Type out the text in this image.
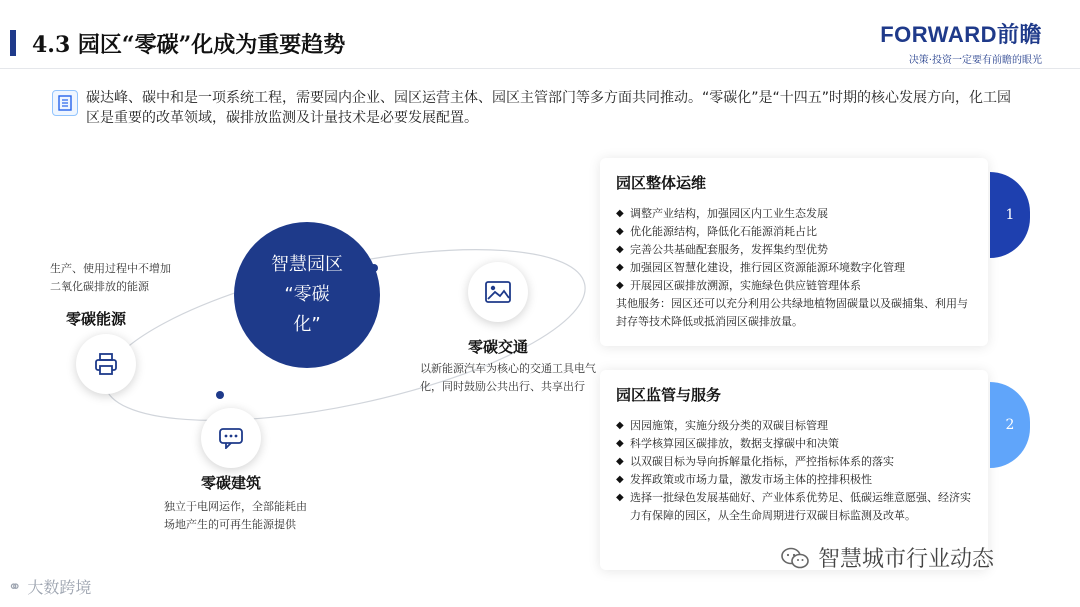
4.3 园区“零碳”化成为重要趋势	FORWARD前瞻
决策·投资一定要有前瞻的眼光
碳达峰、碳中和是一项系统工程，需要园内企业、园区运营主体、园区主管部门等多方面共同推动。“零碳化”是“十四五”时期的核心发展方向，化工园区是重要的改革领域，碳排放监测及计量技术是必要发展配置。
智慧园区
“零碳
化”
生产、使用过程中不增加二氧化碳排放的能源
零碳能源
零碳交通
以新能源汽车为核心的交通工具电气化，同时鼓励公共出行、共享出行
零碳建筑
独立于电网运作，全部能耗由场地产生的可再生能源提供
园区整体运维
◆ 调整产业结构，加强园区内工业生态发展
◆ 优化能源结构，降低化石能源消耗占比
◆ 完善公共基础配套服务，发挥集约型优势
◆ 加强园区智慧化建设，推行园区资源能源环境数字化管理
◆ 开展园区碳排放溯源，实施绿色供应链管理体系
其他服务：园区还可以充分利用公共绿地植物固碳量以及碳捕集、利用与封存等技术降低或抵消园区碳排放量。
1
园区监管与服务
◆ 因园施策，实施分级分类的双碳目标管理
◆ 科学核算园区碳排放，数据支撑碳中和决策
◆ 以双碳目标为导向拆解量化指标，严控指标体系的落实
◆ 发挥政策或市场力量，激发市场主体的控排积极性
◆ 选择一批绿色发展基础好、产业体系优势足、低碳运维意愿强、经济实力有保障的园区，从全生命周期进行双碳目标监测及改革。
2
⚭ 大数跨境
智慧城市行业动态
